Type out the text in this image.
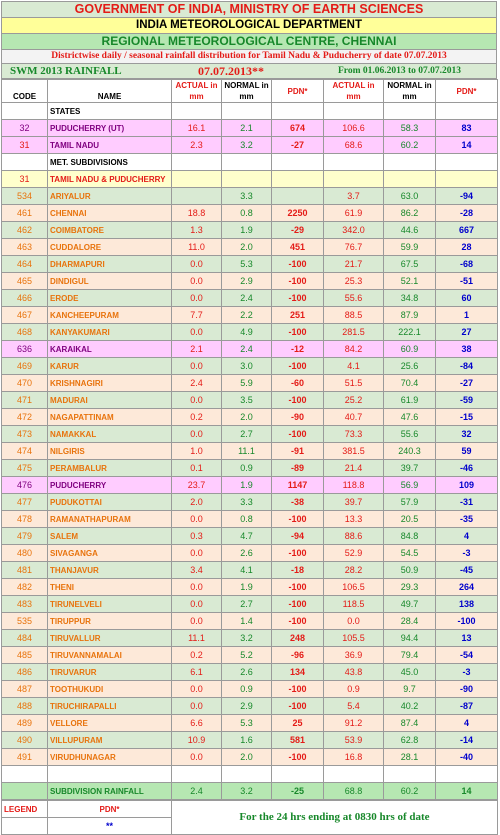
GOVERNMENT OF INDIA, MINISTRY OF EARTH SCIENCES
INDIA METEOROLOGICAL DEPARTMENT
REGIONAL METEOROLOGICAL CENTRE, CHENNAI
Districtwise daily / seasonal rainfall distribution for Tamil Nadu & Puducherry of date 07.07.2013
SWM 2013 RAINFALL	07.07.2013**	From 01.06.2013 to 07.07.2013
CODE	NAME	ACTUAL in mm	NORMAL in mm	PDN*	ACTUAL in mm	NORMAL in mm	PDN*
	STATES						
32	PUDUCHERRY (UT)	16.1	2.1	674	106.6	58.3	83
31	TAMIL NADU	2.3	3.2	-27	68.6	60.2	14
	MET. SUBDIVISIONS						
31	TAMIL NADU & PUDUCHERRY						
534	ARIYALUR		3.3		3.7	63.0	-94
461	CHENNAI	18.8	0.8	2250	61.9	86.2	-28
462	COIMBATORE	1.3	1.9	-29	342.0	44.6	667
463	CUDDALORE	11.0	2.0	451	76.7	59.9	28
464	DHARMAPURI	0.0	5.3	-100	21.7	67.5	-68
465	DINDIGUL	0.0	2.9	-100	25.3	52.1	-51
466	ERODE	0.0	2.4	-100	55.6	34.8	60
467	KANCHEEPURAM	7.7	2.2	251	88.5	87.9	1
468	KANYAKUMARI	0.0	4.9	-100	281.5	222.1	27
636	KARAIKAL	2.1	2.4	-12	84.2	60.9	38
469	KARUR	0.0	3.0	-100	4.1	25.6	-84
470	KRISHNAGIRI	2.4	5.9	-60	51.5	70.4	-27
471	MADURAI	0.0	3.5	-100	25.2	61.9	-59
472	NAGAPATTINAM	0.2	2.0	-90	40.7	47.6	-15
473	NAMAKKAL	0.0	2.7	-100	73.3	55.6	32
474	NILGIRIS	1.0	11.1	-91	381.5	240.3	59
475	PERAMBALUR	0.1	0.9	-89	21.4	39.7	-46
476	PUDUCHERRY	23.7	1.9	1147	118.8	56.9	109
477	PUDUKOTTAI	2.0	3.3	-38	39.7	57.9	-31
478	RAMANATHAPURAM	0.0	0.8	-100	13.3	20.5	-35
479	SALEM	0.3	4.7	-94	88.6	84.8	4
480	SIVAGANGA	0.0	2.6	-100	52.9	54.5	-3
481	THANJAVUR	3.4	4.1	-18	28.2	50.9	-45
482	THENI	0.0	1.9	-100	106.5	29.3	264
483	TIRUNELVELI	0.0	2.7	-100	118.5	49.7	138
535	TIRUPPUR	0.0	1.4	-100	0.0	28.4	-100
484	TIRUVALLUR	11.1	3.2	248	105.5	94.4	13
485	TIRUVANNAMALAI	0.2	5.2	-96	36.9	79.4	-54
486	TIRUVARUR	6.1	2.6	134	43.8	45.0	-3
487	TOOTHUKUDI	0.0	0.9	-100	0.9	9.7	-90
488	TIRUCHIRAPALLI	0.0	2.9	-100	5.4	40.2	-87
489	VELLORE	6.6	5.3	25	91.2	87.4	4
490	VILLUPURAM	10.9	1.6	581	53.9	62.8	-14
491	VIRUDHUNAGAR	0.0	2.0	-100	16.8	28.1	-40

	SUBDIVISION RAINFALL	2.4	3.2	-25	68.8	60.2	14
LEGEND	PDN*	For the 24 hrs ending at 0830 hrs of date
	**	
